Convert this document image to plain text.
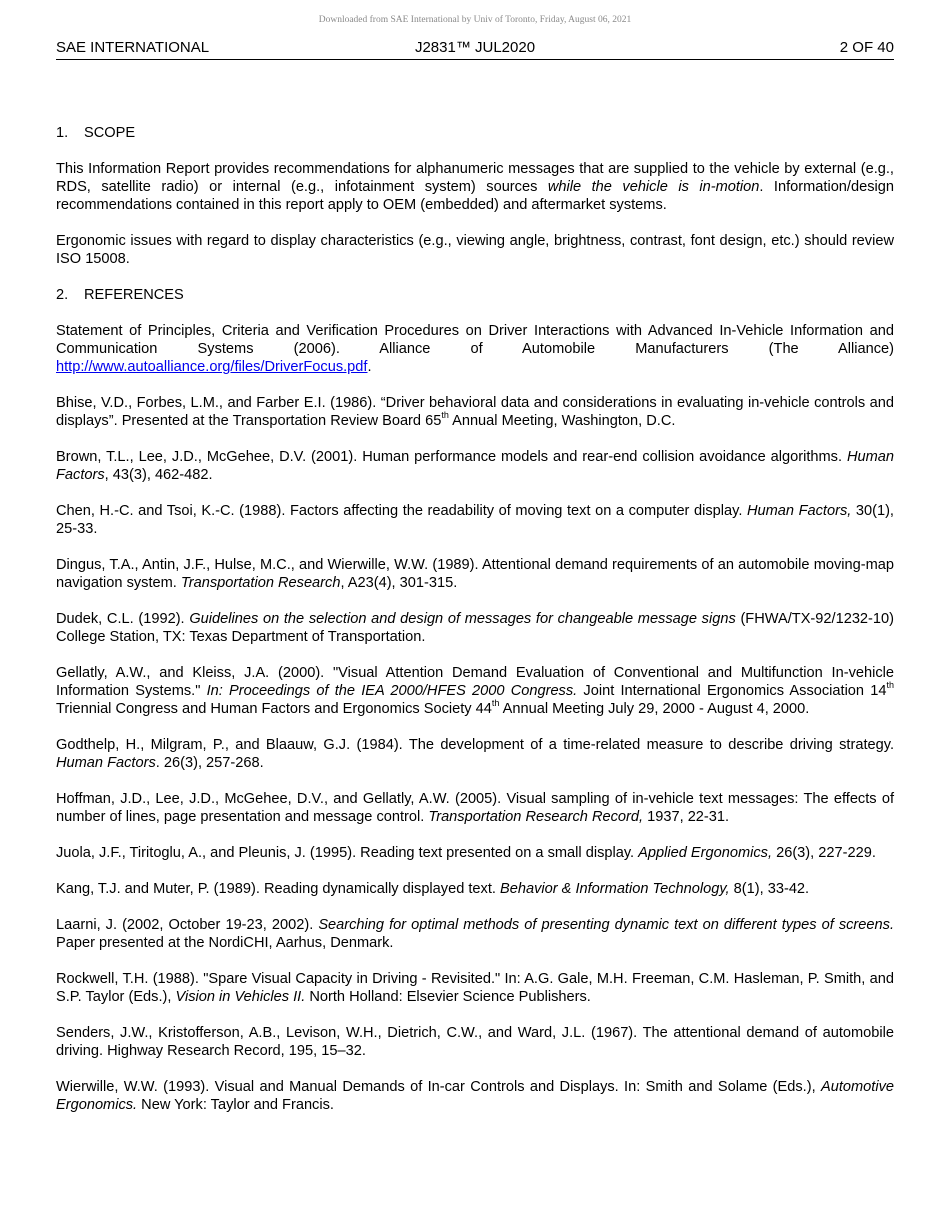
Downloaded from SAE International by Univ of Toronto, Friday, August 06, 2021
J2831™ JUL2020
SAE INTERNATIONAL	2 OF 40

1. SCOPE

This Information Report provides recommendations for alphanumeric messages that are supplied to the vehicle by external (e.g., RDS, satellite radio) or internal (e.g., infotainment system) sources while the vehicle is in-motion. Information/design recommendations contained in this report apply to OEM (embedded) and aftermarket systems.

Ergonomic issues with regard to display characteristics (e.g., viewing angle, brightness, contrast, font design, etc.) should review ISO 15008.

2. REFERENCES

Statement of Principles, Criteria and Verification Procedures on Driver Interactions with Advanced In-Vehicle Information and Communication Systems (2006). Alliance of Automobile Manufacturers (The Alliance) http://www.autoalliance.org/files/DriverFocus.pdf.

Bhise, V.D., Forbes, L.M., and Farber E.I. (1986). “Driver behavioral data and considerations in evaluating in-vehicle controls and displays”. Presented at the Transportation Review Board 65th Annual Meeting, Washington, D.C.

Brown, T.L., Lee, J.D., McGehee, D.V. (2001). Human performance models and rear-end collision avoidance algorithms. Human Factors, 43(3), 462-482.

Chen, H.-C. and Tsoi, K.-C. (1988). Factors affecting the readability of moving text on a computer display. Human Factors, 30(1), 25-33.

Dingus, T.A., Antin, J.F., Hulse, M.C., and Wierwille, W.W. (1989). Attentional demand requirements of an automobile moving-map navigation system. Transportation Research, A23(4), 301-315.

Dudek, C.L. (1992). Guidelines on the selection and design of messages for changeable message signs (FHWA/TX-92/1232-10) College Station, TX: Texas Department of Transportation.

Gellatly, A.W., and Kleiss, J.A. (2000). "Visual Attention Demand Evaluation of Conventional and Multifunction In-vehicle Information Systems." In: Proceedings of the IEA 2000/HFES 2000 Congress. Joint International Ergonomics Association 14th Triennial Congress and Human Factors and Ergonomics Society 44th Annual Meeting July 29, 2000 - August 4, 2000.

Godthelp, H., Milgram, P., and Blaauw, G.J. (1984). The development of a time-related measure to describe driving strategy. Human Factors. 26(3), 257-268.

Hoffman, J.D., Lee, J.D., McGehee, D.V., and Gellatly, A.W. (2005). Visual sampling of in-vehicle text messages: The effects of number of lines, page presentation and message control. Transportation Research Record, 1937, 22-31.

Juola, J.F., Tiritoglu, A., and Pleunis, J. (1995). Reading text presented on a small display. Applied Ergonomics, 26(3), 227-229.

Kang, T.J. and Muter, P. (1989). Reading dynamically displayed text. Behavior & Information Technology, 8(1), 33-42.

Laarni, J. (2002, October 19-23, 2002). Searching for optimal methods of presenting dynamic text on different types of screens. Paper presented at the NordiCHI, Aarhus, Denmark.

Rockwell, T.H. (1988). "Spare Visual Capacity in Driving - Revisited." In: A.G. Gale, M.H. Freeman, C.M. Hasleman, P. Smith, and S.P. Taylor (Eds.), Vision in Vehicles II. North Holland: Elsevier Science Publishers.

Senders, J.W., Kristofferson, A.B., Levison, W.H., Dietrich, C.W., and Ward, J.L. (1967). The attentional demand of automobile driving. Highway Research Record, 195, 15–32.

Wierwille, W.W. (1993). Visual and Manual Demands of In-car Controls and Displays. In: Smith and Solame (Eds.), Automotive Ergonomics. New York: Taylor and Francis.
